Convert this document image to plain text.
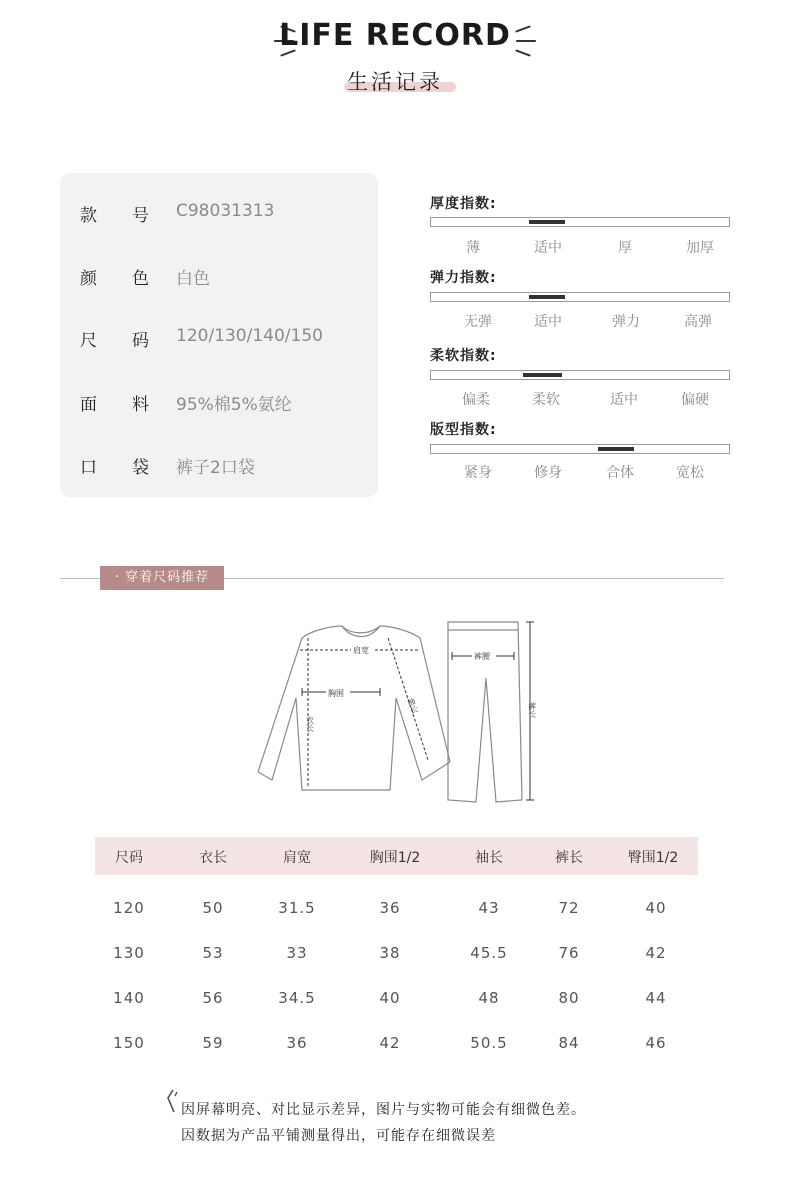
LIFE RECORD
生活记录
款 号 C98031313
颜 色 白色
尺 码 120/130/140/150
面 料 95%棉5%氨纶
口 袋 裤子2口袋
厚度指数:
薄	适中	厚	加厚
弹力指数:
无弹	适中	弹力	高弹
柔软指数:
偏柔	柔软	适中	偏硬
版型指数:
紧身	修身	合体	宽松
· 穿着尺码推荐
肩宽
胸围
衣长
袖长
裤腰
裤长
尺码	衣长	肩宽	胸围1/2	袖长	裤长	臀围1/2
120	50	31.5	36	43	72	40
130	53	33	38	45.5	76	42
140	56	34.5	40	48	80	44
150	59	36	42	50.5	84	46
因屏幕明亮、对比显示差异，图片与实物可能会有细微色差。
因数据为产品平铺测量得出，可能存在细微误差
